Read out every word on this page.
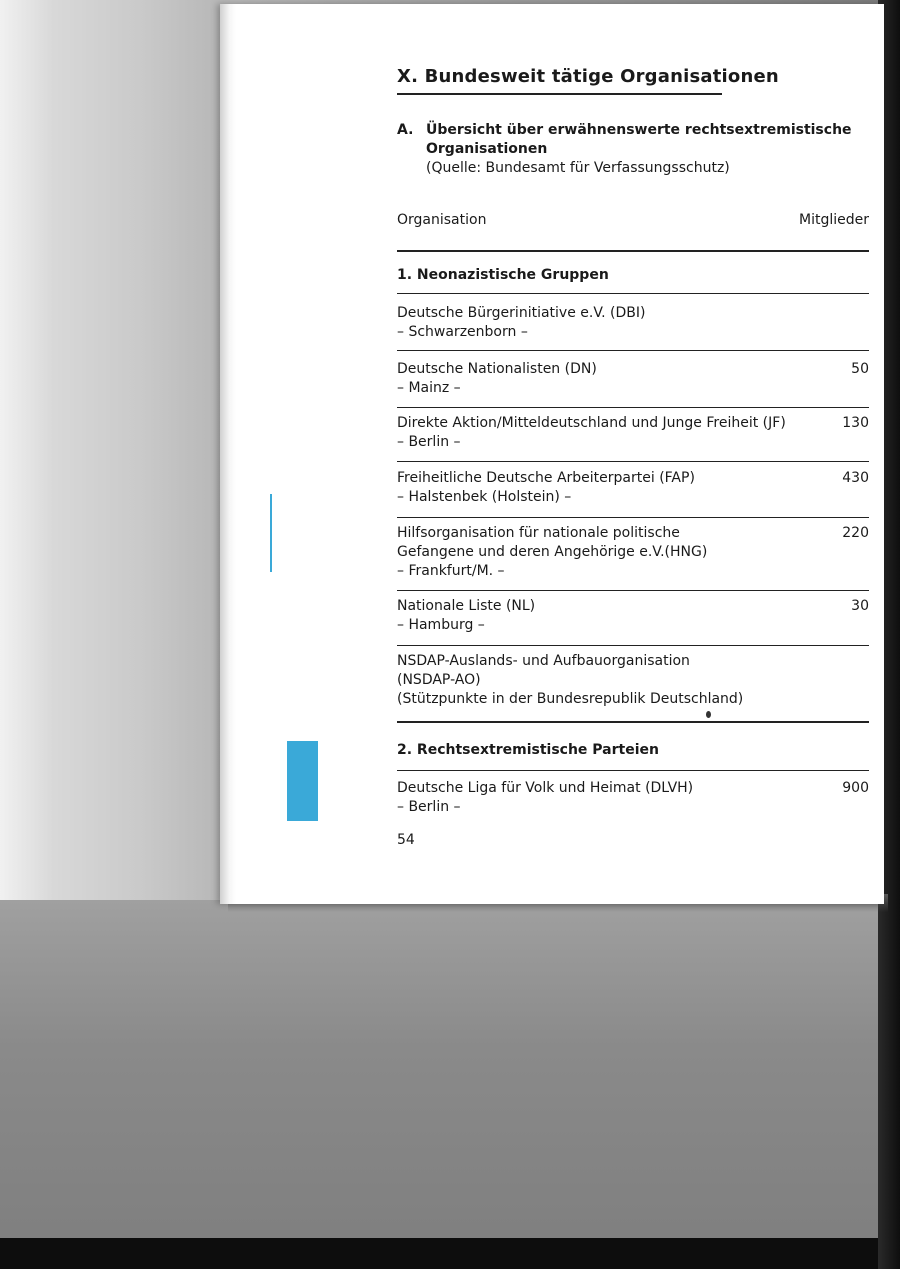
X. Bundesweit tätige Organisationen
A. Übersicht über erwähnenswerte rechtsextremistische
Organisationen
(Quelle: Bundesamt für Verfassungsschutz)
Organisation	Mitglieder
1. Neonazistische Gruppen
Deutsche Bürgerinitiative e.V. (DBI)
– Schwarzenborn –
Deutsche Nationalisten (DN)
– Mainz –
50
Direkte Aktion/Mitteldeutschland und Junge Freiheit (JF)
– Berlin –
130
Freiheitliche Deutsche Arbeiterpartei (FAP)
– Halstenbek (Holstein) –
430
Hilfsorganisation für nationale politische
Gefangene und deren Angehörige e.V.(HNG)
– Frankfurt/M. –
220
Nationale Liste (NL)
– Hamburg –
30
NSDAP-Auslands- und Aufbauorganisation
(NSDAP-AO)
(Stützpunkte in der Bundesrepublik Deutschland)
2. Rechtsextremistische Parteien
Deutsche Liga für Volk und Heimat (DLVH)
– Berlin –
900
54
